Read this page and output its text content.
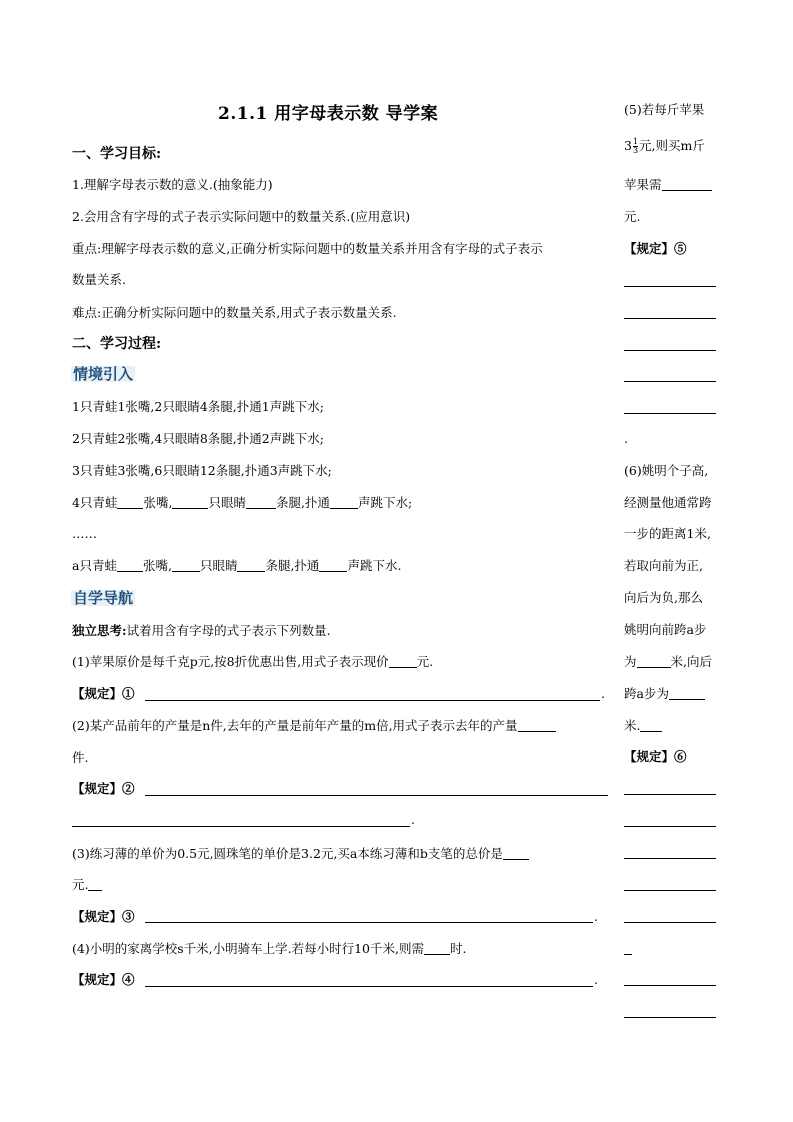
2.1.1 用字母表示数 导学案
一、学习目标:
1.理解字母表示数的意义.(抽象能力)
2.会用含有字母的式子表示实际问题中的数量关系.(应用意识)
重点:理解字母表示数的意义,正确分析实际问题中的数量关系并用含有字母的式子表示
数量关系.
难点:正确分析实际问题中的数量关系,用式子表示数量关系.
二、学习过程:
情境引入
1只青蛙1张嘴,2只眼睛4条腿,扑通1声跳下水;
2只青蛙2张嘴,4只眼睛8条腿,扑通2声跳下水;
3只青蛙3张嘴,6只眼睛12条腿,扑通3声跳下水;
4只青蛙 张嘴,	只眼睛 条腿,扑通 声跳下水;
……
a只青蛙 张嘴, 只眼睛 条腿,扑通 声跳下水.
自学导航
独立思考:试着用含有字母的式子表示下列数量.
(1)苹果原价是每千克p元,按8折优惠出售,用式子表示现价 元.
【规定】①	.
(2)某产品前年的产量是n件,去年的产量是前年产量的m倍,用式子表示去年的产量
件.
【规定】②
.
(3)练习薄的单价为0.5元,圆珠笔的单价是3.2元,买a本练习薄和b支笔的总价是
元.
【规定】③	.
(4)小明的家离学校s千米,小明骑车上学.若每小时行10千米,则需 时.
【规定】④	.
(5)若每斤苹果
$3 \frac{1}{3}$ 元,则买m斤
苹果需
元.
【规定】⑤
.
(6)姚明个子高,
经测量他通常跨
一步的距离1米,
若取向前为正,
向后为负,那么
姚明向前跨a步
为	米,向后
跨a步为
米.
【规定】⑥
